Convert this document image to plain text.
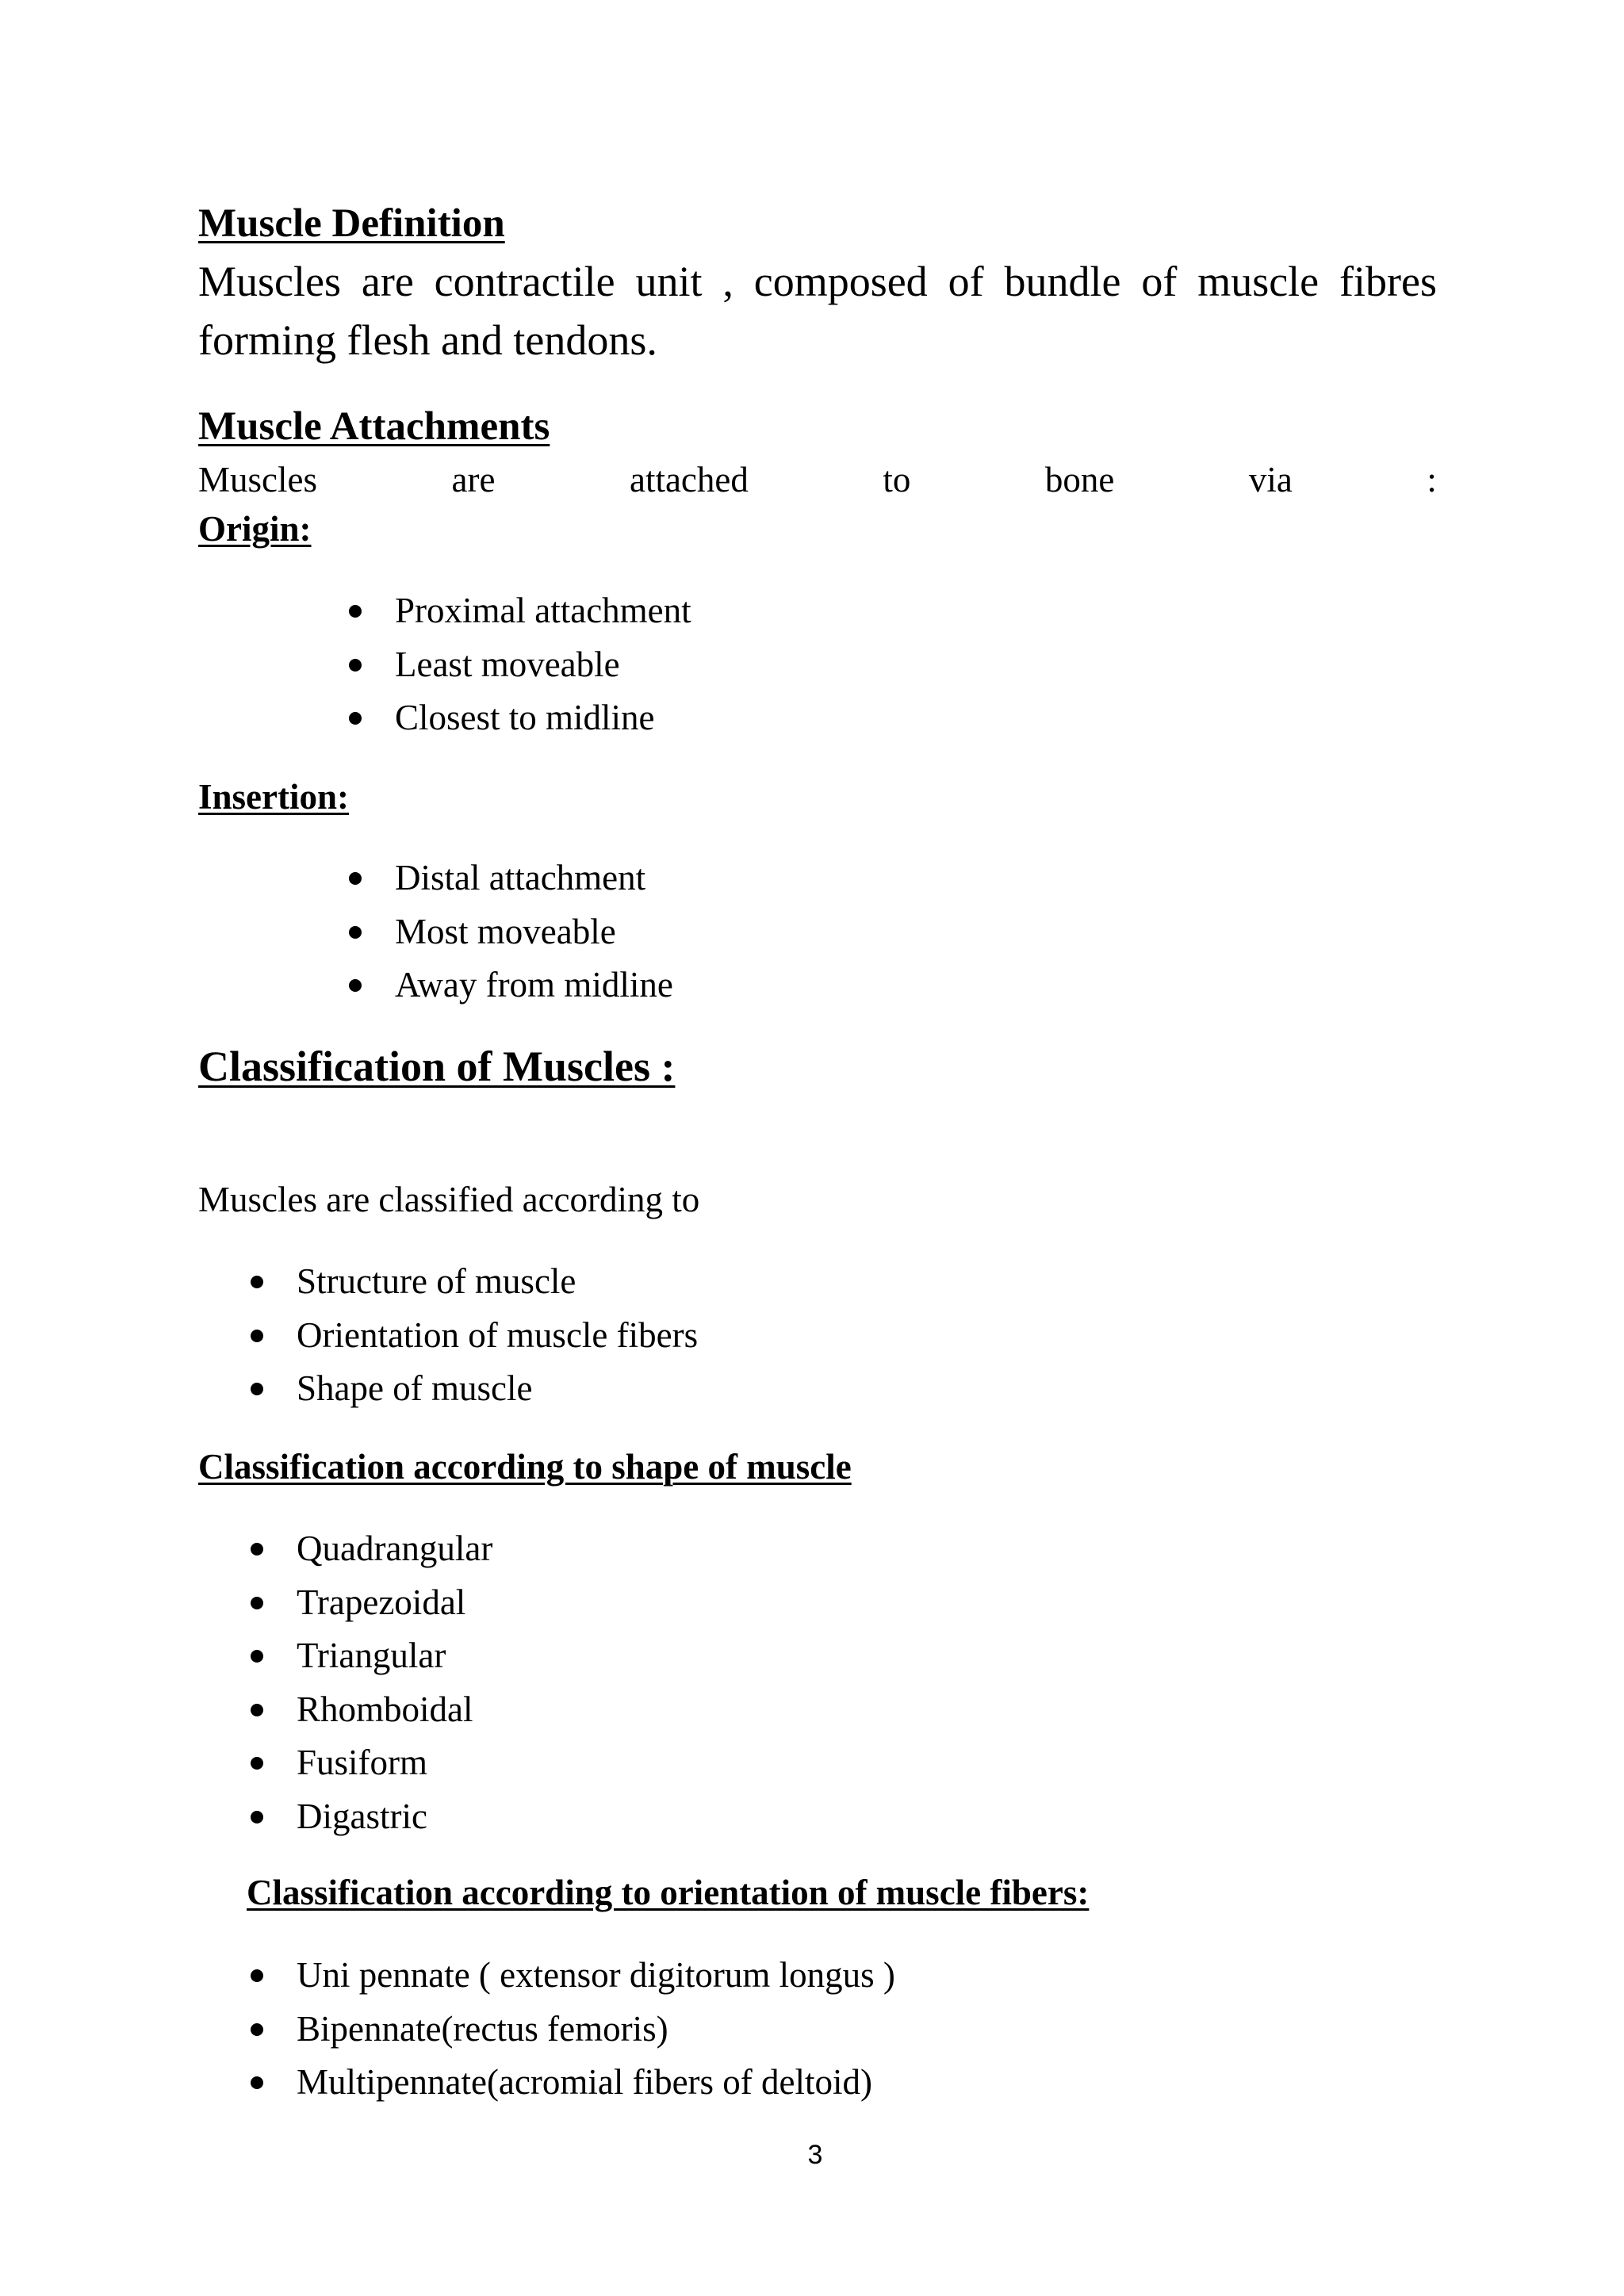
Muscle Definition

Muscles are contractile unit , composed of bundle of muscle fibres forming flesh and tendons.

Muscle Attachments
Muscles	are	attached	to	bone	via	:
Origin:
Proximal attachment
Least moveable
Closest to midline
Insertion:
Distal attachment
Most moveable
Away from midline
Classification of Muscles :

Muscles are classified according to

Structure of muscle
Orientation of muscle fibers
Shape of muscle
Classification according to shape of muscle
Quadrangular
Trapezoidal
Triangular
Rhomboidal
Fusiform
Digastric
Classification according to orientation of muscle fibers:
Uni pennate ( extensor digitorum longus )
Bipennate(rectus femoris)
Multipennate(acromial fibers of deltoid)
3
